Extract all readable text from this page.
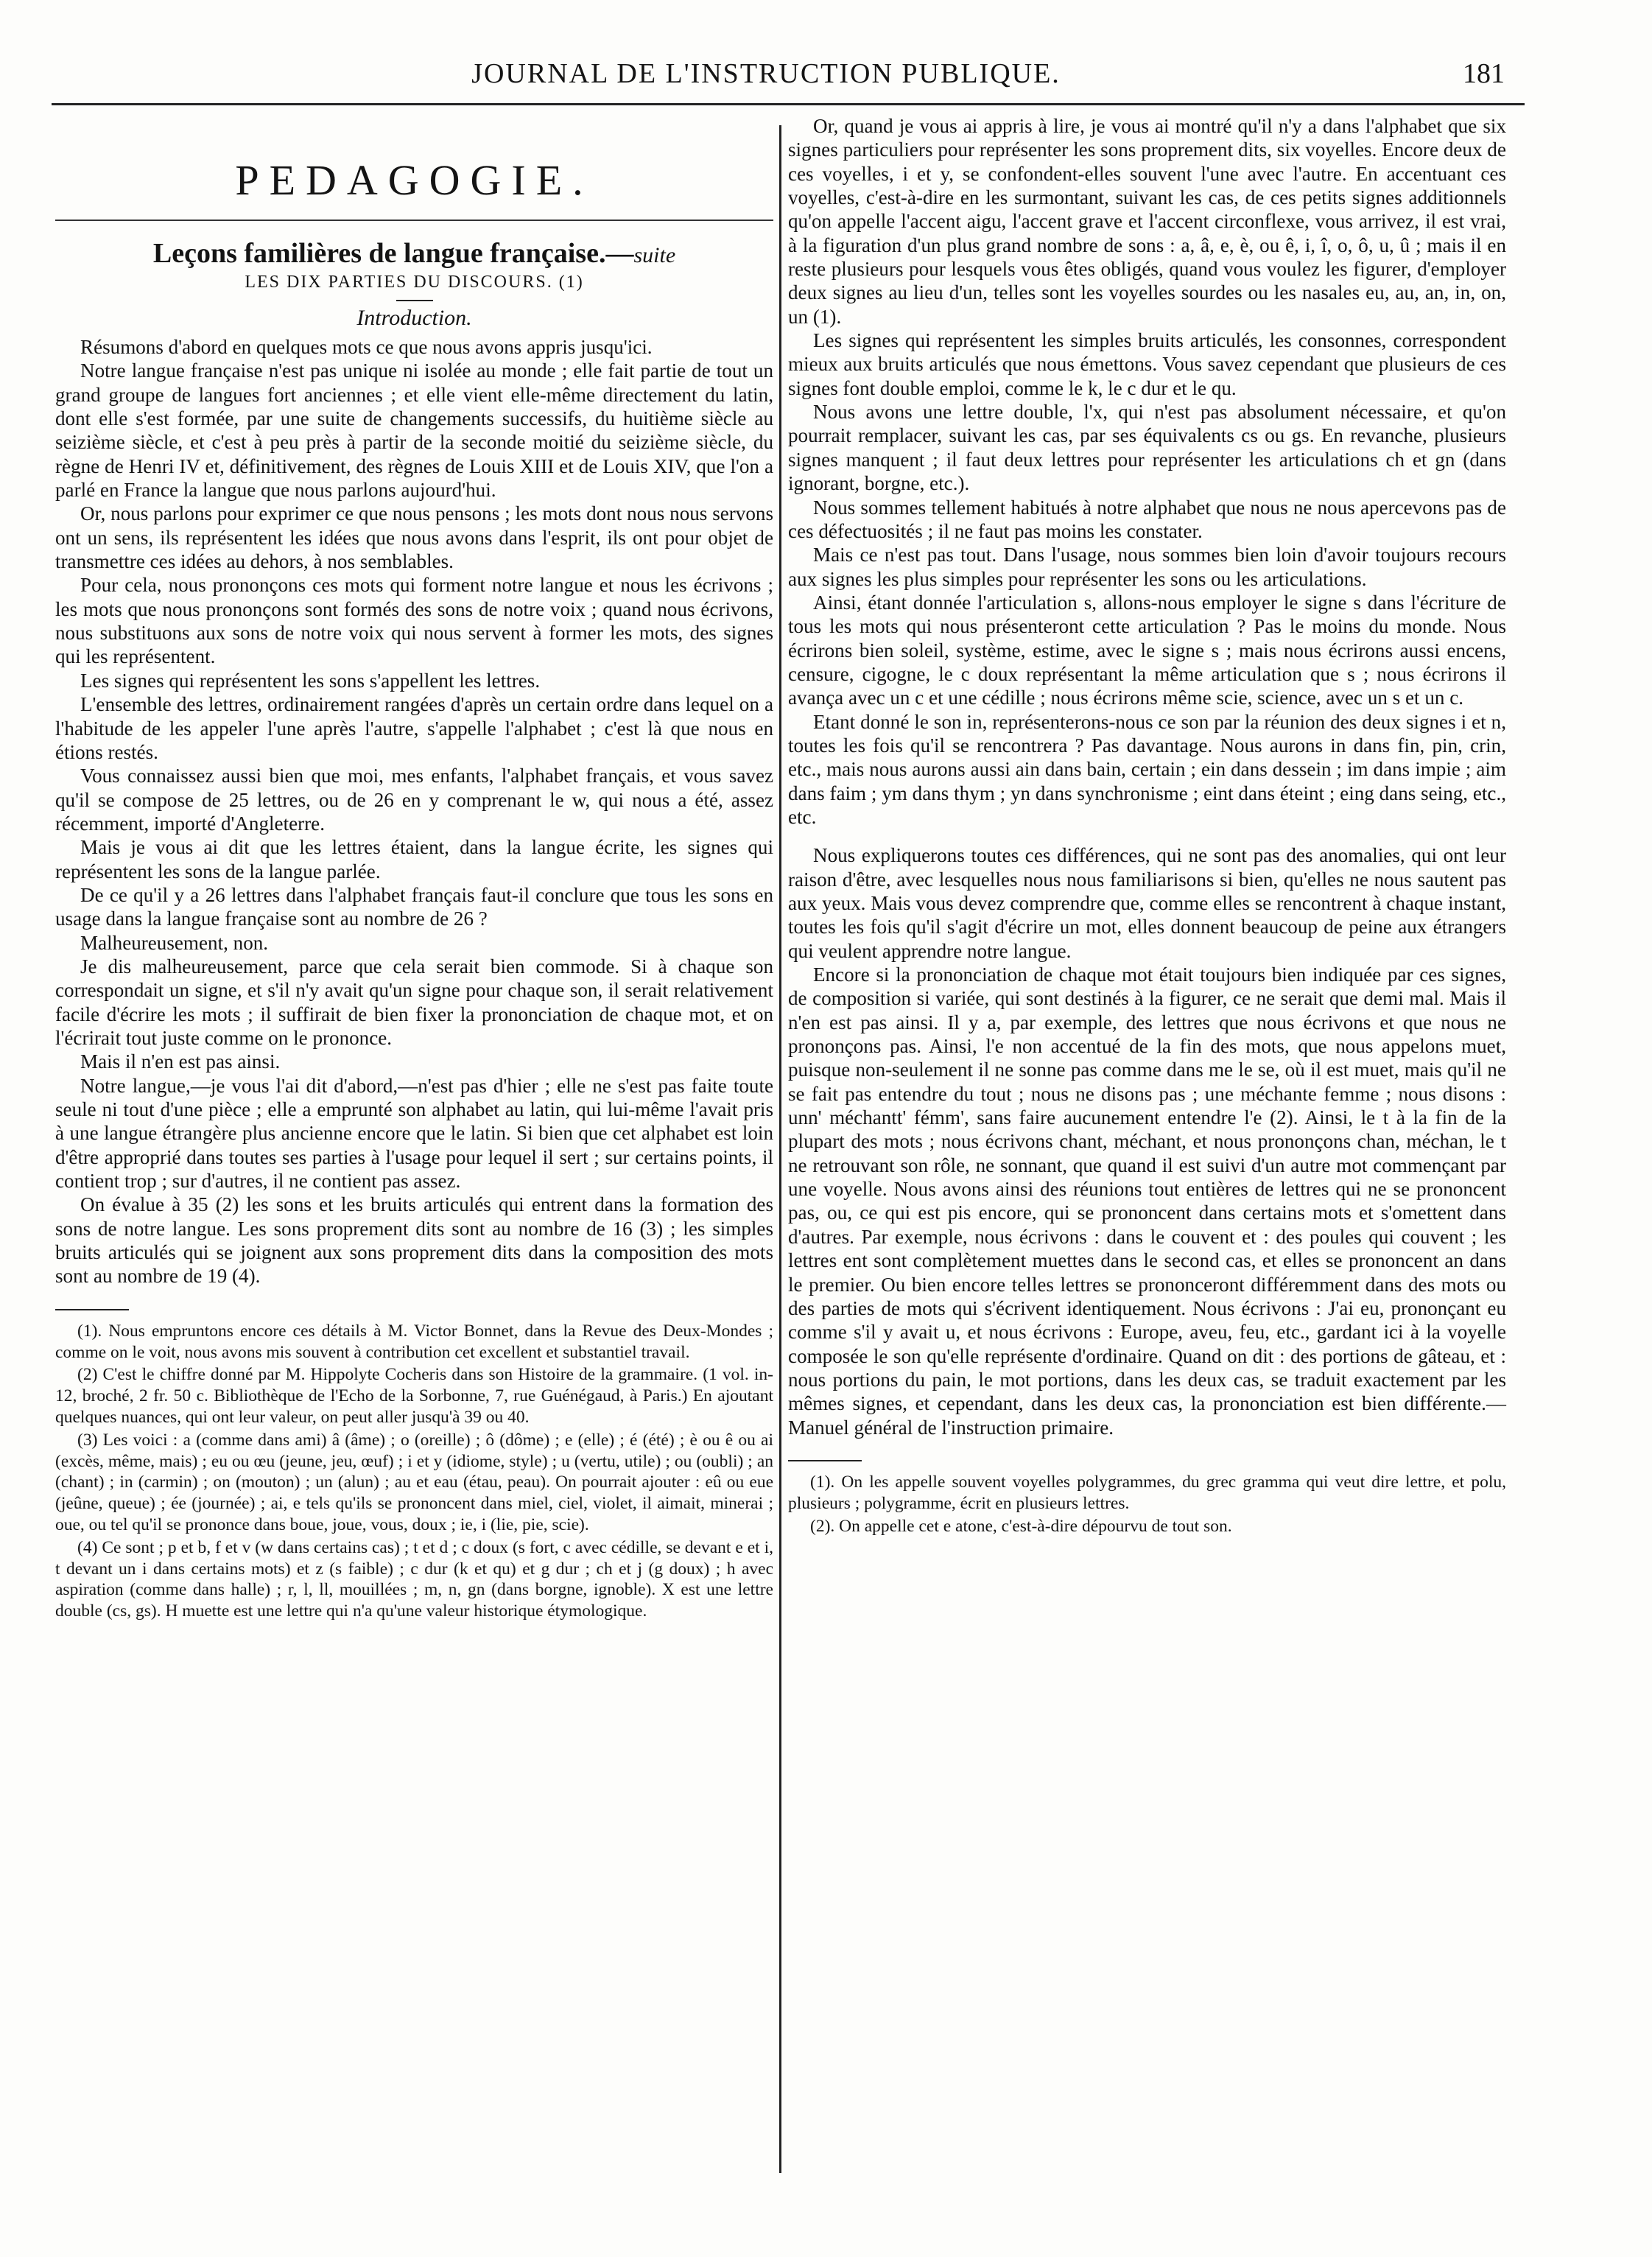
JOURNAL DE L'INSTRUCTION PUBLIQUE.	181
PEDAGOGIE.
Leçons familières de langue française.—suite
LES DIX PARTIES DU DISCOURS. (1)
Introduction.

Résumons d'abord en quelques mots ce que nous avons appris jusqu'ici.

Notre langue française n'est pas unique ni isolée au monde ; elle fait partie de tout un grand groupe de langues fort anciennes ; et elle vient elle-même directement du latin, dont elle s'est formée, par une suite de changements successifs, du huitième siècle au seizième siècle, et c'est à peu près à partir de la seconde moitié du seizième siècle, du règne de Henri IV et, définitivement, des règnes de Louis XIII et de Louis XIV, que l'on a parlé en France la langue que nous parlons aujourd'hui.

Or, nous parlons pour exprimer ce que nous pensons ; les mots dont nous nous servons ont un sens, ils représentent les idées que nous avons dans l'esprit, ils ont pour objet de transmettre ces idées au dehors, à nos semblables.

Pour cela, nous prononçons ces mots qui forment notre langue et nous les écrivons ; les mots que nous prononçons sont formés des sons de notre voix ; quand nous écrivons, nous substituons aux sons de notre voix qui nous servent à former les mots, des signes qui les représentent.

Les signes qui représentent les sons s'appellent les lettres.

L'ensemble des lettres, ordinairement rangées d'après un certain ordre dans lequel on a l'habitude de les appeler l'une après l'autre, s'appelle l'alphabet ; c'est là que nous en étions restés.

Vous connaissez aussi bien que moi, mes enfants, l'alphabet français, et vous savez qu'il se compose de 25 lettres, ou de 26 en y comprenant le w, qui nous a été, assez récemment, importé d'Angleterre.

Mais je vous ai dit que les lettres étaient, dans la langue écrite, les signes qui représentent les sons de la langue parlée.

De ce qu'il y a 26 lettres dans l'alphabet français faut-il conclure que tous les sons en usage dans la langue française sont au nombre de 26 ?

Malheureusement, non.

Je dis malheureusement, parce que cela serait bien commode. Si à chaque son correspondait un signe, et s'il n'y avait qu'un signe pour chaque son, il serait relativement facile d'écrire les mots ; il suffirait de bien fixer la prononciation de chaque mot, et on l'écrirait tout juste comme on le prononce.

Mais il n'en est pas ainsi.

Notre langue,—je vous l'ai dit d'abord,—n'est pas d'hier ; elle ne s'est pas faite toute seule ni tout d'une pièce ; elle a emprunté son alphabet au latin, qui lui-même l'avait pris à une langue étrangère plus ancienne encore que le latin. Si bien que cet alphabet est loin d'être approprié dans toutes ses parties à l'usage pour lequel il sert ; sur certains points, il contient trop ; sur d'autres, il ne contient pas assez.

On évalue à 35 (2) les sons et les bruits articulés qui entrent dans la formation des sons de notre langue. Les sons proprement dits sont au nombre de 16 (3) ; les simples bruits articulés qui se joignent aux sons proprement dits dans la composition des mots sont au nombre de 19 (4).

(1). Nous empruntons encore ces détails à M. Victor Bonnet, dans la Revue des Deux-Mondes ; comme on le voit, nous avons mis souvent à contribution cet excellent et substantiel travail.

(2) C'est le chiffre donné par M. Hippolyte Cocheris dans son Histoire de la grammaire. (1 vol. in-12, broché, 2 fr. 50 c. Bibliothèque de l'Echo de la Sorbonne, 7, rue Guénégaud, à Paris.) En ajoutant quelques nuances, qui ont leur valeur, on peut aller jusqu'à 39 ou 40.

(3) Les voici : a (comme dans ami) â (âme) ; o (oreille) ; ô (dôme) ; e (elle) ; é (été) ; è ou ê ou ai (excès, même, mais) ; eu ou œu (jeune, jeu, œuf) ; i et y (idiome, style) ; u (vertu, utile) ; ou (oubli) ; an (chant) ; in (carmin) ; on (mouton) ; un (alun) ; au et eau (étau, peau). On pourrait ajouter : eû ou eue (jeûne, queue) ; ée (journée) ; ai, e tels qu'ils se prononcent dans miel, ciel, violet, il aimait, minerai ; oue, ou tel qu'il se prononce dans boue, joue, vous, doux ; ie, i (lie, pie, scie).

(4) Ce sont ; p et b, f et v (w dans certains cas) ; t et d ; c doux (s fort, c avec cédille, se devant e et i, t devant un i dans certains mots) et z (s faible) ; c dur (k et qu) et g dur ; ch et j (g doux) ; h avec aspiration (comme dans halle) ; r, l, ll, mouillées ; m, n, gn (dans borgne, ignoble). X est une lettre double (cs, gs). H muette est une lettre qui n'a qu'une valeur historique étymologique.

Or, quand je vous ai appris à lire, je vous ai montré qu'il n'y a dans l'alphabet que six signes particuliers pour représenter les sons proprement dits, six voyelles. Encore deux de ces voyelles, i et y, se confondent-elles souvent l'une avec l'autre. En accentuant ces voyelles, c'est-à-dire en les surmontant, suivant les cas, de ces petits signes additionnels qu'on appelle l'accent aigu, l'accent grave et l'accent circonflexe, vous arrivez, il est vrai, à la figuration d'un plus grand nombre de sons : a, â, e, è, ou ê, i, î, o, ô, u, û ; mais il en reste plusieurs pour lesquels vous êtes obligés, quand vous voulez les figurer, d'employer deux signes au lieu d'un, telles sont les voyelles sourdes ou les nasales eu, au, an, in, on, un (1).

Les signes qui représentent les simples bruits articulés, les consonnes, correspondent mieux aux bruits articulés que nous émettons. Vous savez cependant que plusieurs de ces signes font double emploi, comme le k, le c dur et le qu.

Nous avons une lettre double, l'x, qui n'est pas absolument nécessaire, et qu'on pourrait remplacer, suivant les cas, par ses équivalents cs ou gs. En revanche, plusieurs signes manquent ; il faut deux lettres pour représenter les articulations ch et gn (dans ignorant, borgne, etc.).

Nous sommes tellement habitués à notre alphabet que nous ne nous apercevons pas de ces défectuosités ; il ne faut pas moins les constater.

Mais ce n'est pas tout. Dans l'usage, nous sommes bien loin d'avoir toujours recours aux signes les plus simples pour représenter les sons ou les articulations.

Ainsi, étant donnée l'articulation s, allons-nous employer le signe s dans l'écriture de tous les mots qui nous présenteront cette articulation ? Pas le moins du monde. Nous écrirons bien soleil, système, estime, avec le signe s ; mais nous écrirons aussi encens, censure, cigogne, le c doux représentant la même articulation que s ; nous écrirons il avança avec un c et une cédille ; nous écrirons même scie, science, avec un s et un c.

Etant donné le son in, représenterons-nous ce son par la réunion des deux signes i et n, toutes les fois qu'il se rencontrera ? Pas davantage. Nous aurons in dans fin, pin, crin, etc., mais nous aurons aussi ain dans bain, certain ; ein dans dessein ; im dans impie ; aim dans faim ; ym dans thym ; yn dans synchronisme ; eint dans éteint ; eing dans seing, etc., etc.

Nous expliquerons toutes ces différences, qui ne sont pas des anomalies, qui ont leur raison d'être, avec lesquelles nous nous familiarisons si bien, qu'elles ne nous sautent pas aux yeux. Mais vous devez comprendre que, comme elles se rencontrent à chaque instant, toutes les fois qu'il s'agit d'écrire un mot, elles donnent beaucoup de peine aux étrangers qui veulent apprendre notre langue.

Encore si la prononciation de chaque mot était toujours bien indiquée par ces signes, de composition si variée, qui sont destinés à la figurer, ce ne serait que demi mal. Mais il n'en est pas ainsi. Il y a, par exemple, des lettres que nous écrivons et que nous ne prononçons pas. Ainsi, l'e non accentué de la fin des mots, que nous appelons muet, puisque non-seulement il ne sonne pas comme dans me le se, où il est muet, mais qu'il ne se fait pas entendre du tout ; nous ne disons pas ; une méchante femme ; nous disons : unn' méchantt' fémm', sans faire aucunement entendre l'e (2). Ainsi, le t à la fin de la plupart des mots ; nous écrivons chant, méchant, et nous prononçons chan, méchan, le t ne retrouvant son rôle, ne sonnant, que quand il est suivi d'un autre mot commençant par une voyelle. Nous avons ainsi des réunions tout entières de lettres qui ne se prononcent pas, ou, ce qui est pis encore, qui se prononcent dans certains mots et s'omettent dans d'autres. Par exemple, nous écrivons : dans le couvent et : des poules qui couvent ; les lettres ent sont complètement muettes dans le second cas, et elles se prononcent an dans le premier. Ou bien encore telles lettres se prononceront différemment dans des mots ou des parties de mots qui s'écrivent identiquement. Nous écrivons : J'ai eu, prononçant eu comme s'il y avait u, et nous écrivons : Europe, aveu, feu, etc., gardant ici à la voyelle composée le son qu'elle représente d'ordinaire. Quand on dit : des portions de gâteau, et : nous portions du pain, le mot portions, dans les deux cas, se traduit exactement par les mêmes signes, et cependant, dans les deux cas, la prononciation est bien différente.—Manuel général de l'instruction primaire.

(1). On les appelle souvent voyelles polygrammes, du grec gramma qui veut dire lettre, et polu, plusieurs ; polygramme, écrit en plusieurs lettres.

(2). On appelle cet e atone, c'est-à-dire dépourvu de tout son.
